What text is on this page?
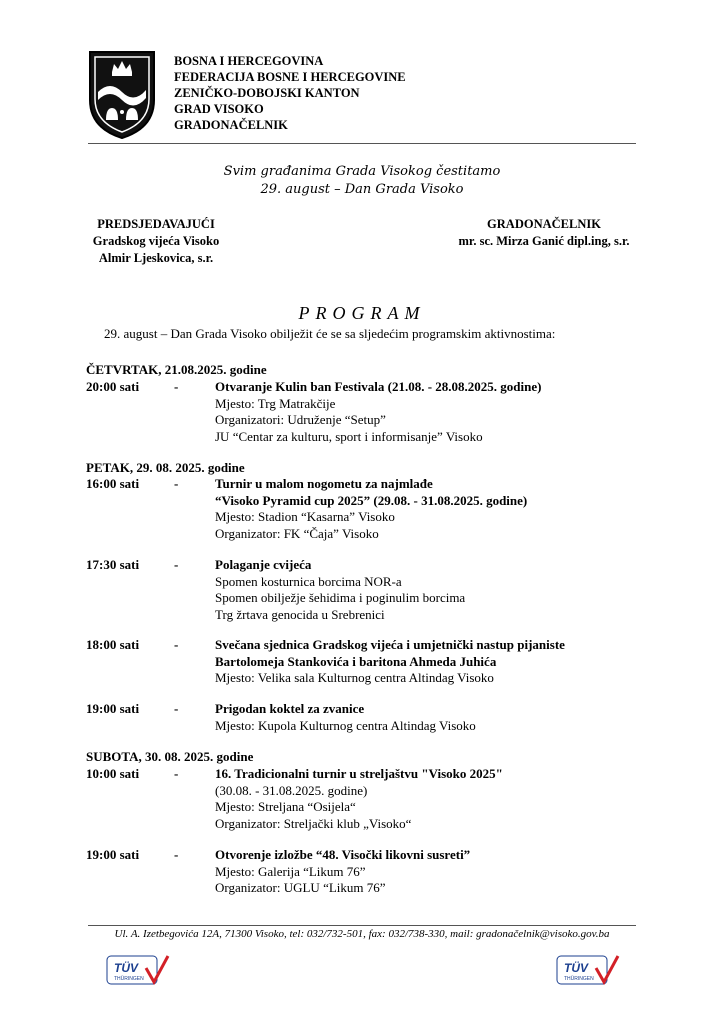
BOSNA I HERCEGOVINA
FEDERACIJA BOSNE I HERCEGOVINE
ZENIČKO-DOBOJSKI KANTON
GRAD VISOKO
GRADONAČELNIK
Svim građanima Grada Visokog čestitamo
29. august – Dan Grada Visoko
PREDSJEDAVAJUĆI
Gradskog vijeća Visoko
Almir Ljeskovica, s.r.
GRADONAČELNIK
mr. sc. Mirza Ganić dipl.ing, s.r.
PROGRAM
29. august – Dan Grada Visoko obilježit će se sa sljedećim programskim aktivnostima:
ČETVRTAK, 21.08.2025. godine
20:00 sati	-	Otvaranje Kulin ban Festivala (21.08. - 28.08.2025. godine)
Mjesto: Trg Matrakčije
Organizatori: Udruženje “Setup”
JU “Centar za kulturu, sport i informisanje” Visoko
PETAK, 29. 08. 2025. godine
16:00 sati	-	Turnir u malom nogometu za najmlađe
“Visoko Pyramid cup 2025” (29.08. - 31.08.2025. godine)
Mjesto: Stadion “Kasarna” Visoko
Organizator: FK “Čaja” Visoko
17:30 sati	-	Polaganje cvijeća
Spomen kosturnica borcima NOR-a
Spomen obilježje šehidima i poginulim borcima
Trg žrtava genocida u Srebrenici
18:00 sati	-	Svečana sjednica Gradskog vijeća i umjetnički nastup pijaniste
Bartolomeja Stankovića i baritona Ahmeda Juhića
Mjesto: Velika sala Kulturnog centra Altindag Visoko
19:00 sati	-	Prigodan koktel za zvanice
Mjesto: Kupola Kulturnog centra Altindag Visoko
SUBOTA, 30. 08. 2025. godine
10:00 sati	-	16. Tradicionalni turnir u streljaštvu "Visoko 2025"
(30.08. - 31.08.2025. godine)
Mjesto: Streljana “Osijela“
Organizator: Streljački klub „Visoko“
19:00 sati	-	Otvorenje izložbe “48. Visočki likovni susreti”
Mjesto: Galerija “Likum 76”
Organizator: UGLU “Likum 76”
Ul. A. Izetbegovića 12A, 71300 Visoko, tel: 032/732-501, fax: 032/738-330, mail: gradonačelnik@visoko.gov.ba
TÜV
THÜRINGEN
TÜV
THÜRINGEN
